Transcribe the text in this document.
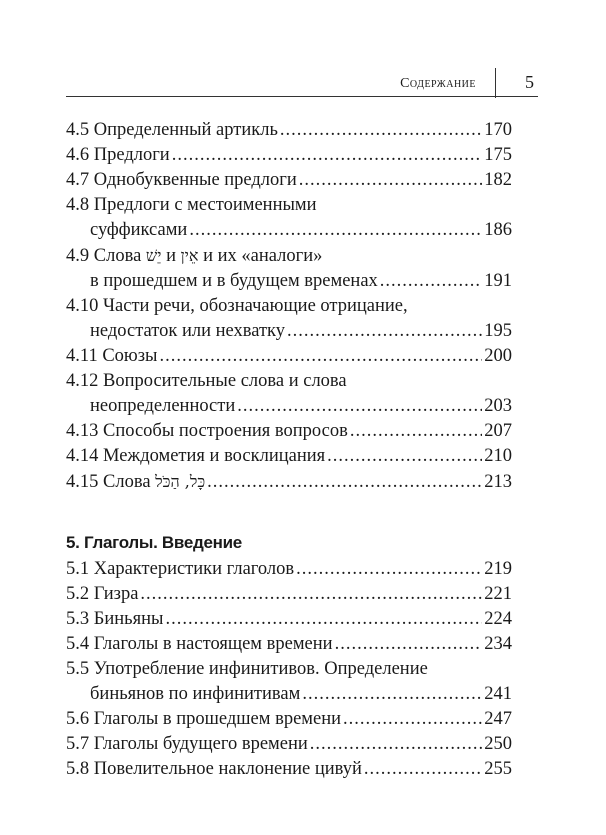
Содержание	5
4.5 Определенный артикль .....	170
4.6 Предлоги .....	175
4.7 Однобуквенные предлоги .....	182
4.8 Предлоги с местоименными
суффиксами .....	186
4.9 Слова יֵשׁ и אֵין и их «аналоги»
в прошедшем и в будущем временах .....	191
4.10 Части речи, обозначающие отрицание,
недостаток или нехватку .....	195
4.11 Союзы .....	200
4.12 Вопросительные слова и слова
неопределенности .....	203
4.13 Способы построения вопросов .....	207
4.14 Междометия и восклицания .....	210
4.15 Слова כָּל, הַכֹּל .....	213
5. Глаголы. Введение
5.1 Характеристики глаголов .....	219
5.2 Гизра .....	221
5.3 Биньяны .....	224
5.4 Глаголы в настоящем времени .....	234
5.5 Употребление инфинитивов. Определение
биньянов по инфинитивам .....	241
5.6 Глаголы в прошедшем времени .....	247
5.7 Глаголы будущего времени .....	250
5.8 Повелительное наклонение цивуй .....	255
